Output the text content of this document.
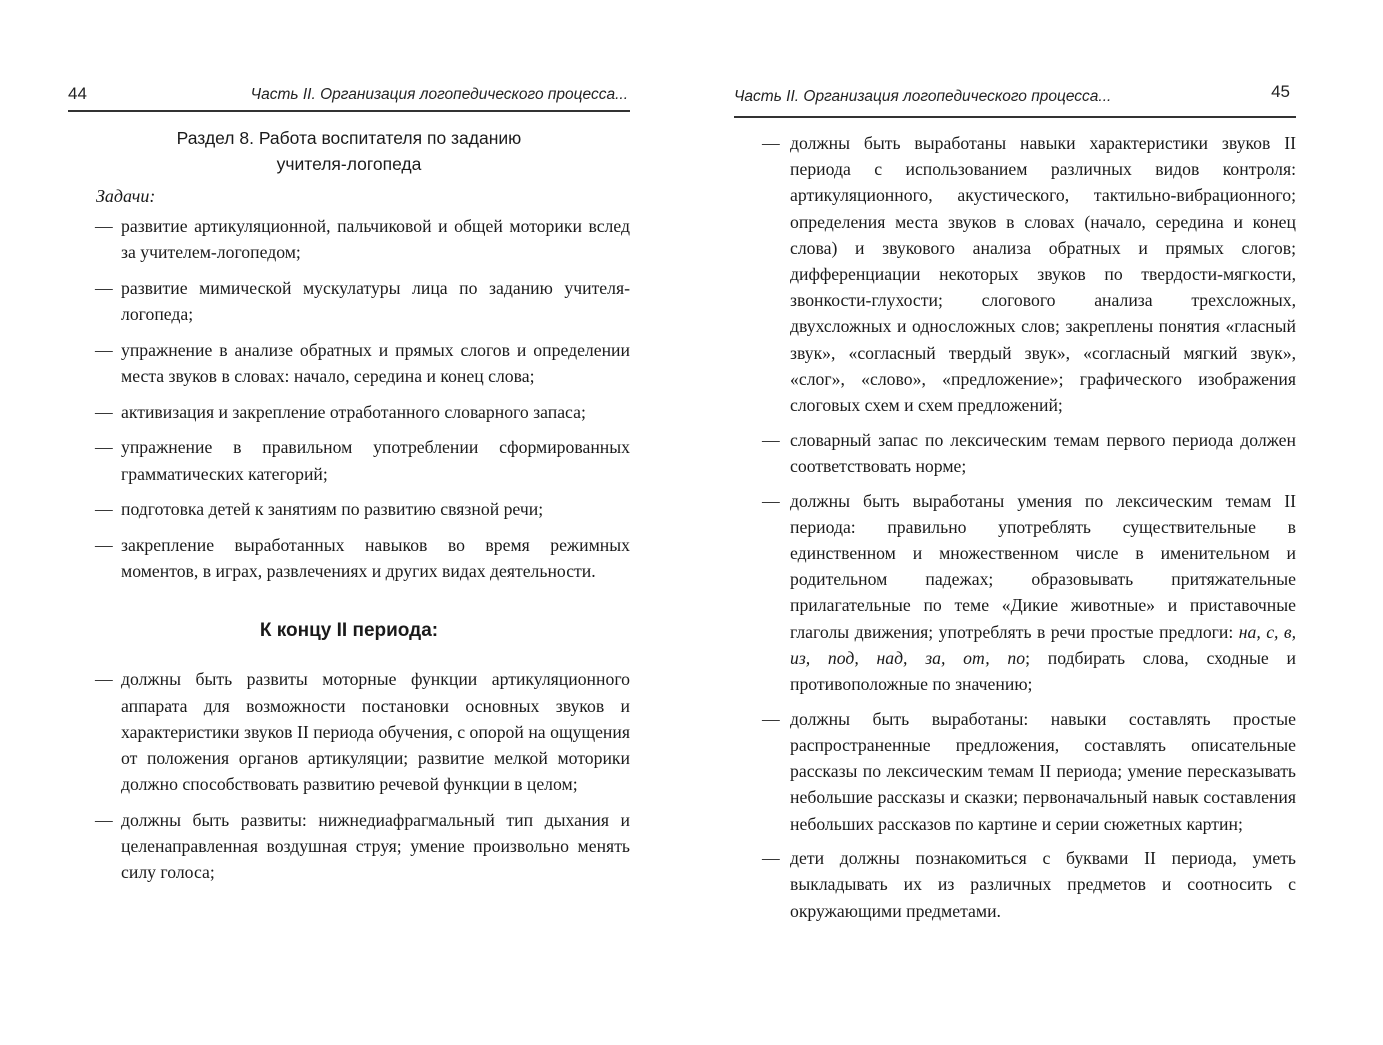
44	Часть II. Организация логопедического процесса...
Раздел 8. Работа воспитателя по заданию
учителя-логопеда
Задачи:
— развитие артикуляционной, пальчиковой и общей моторики вслед за учителем-логопедом;
— развитие мимической мускулатуры лица по заданию учителя-логопеда;
— упражнение в анализе обратных и прямых слогов и определении места звуков в словах: начало, середина и конец слова;
— активизация и закрепление отработанного словарного запаса;
— упражнение в правильном употреблении сформированных грамматических категорий;
— подготовка детей к занятиям по развитию связной речи;
— закрепление выработанных навыков во время режимных моментов, в играх, развлечениях и других видах деятельности.
К концу II периода:
— должны быть развиты моторные функции артикуляционного аппарата для возможности постановки основных звуков и характеристики звуков II периода обучения, с опорой на ощущения от положения органов артикуляции; развитие мелкой моторики должно способствовать развитию речевой функции в целом;
— должны быть развиты: нижнедиафрагмальный тип дыхания и целенаправленная воздушная струя; умение произвольно менять силу голоса;
Часть II. Организация логопедического процесса...	45
— должны быть выработаны навыки характеристики звуков II периода с использованием различных видов контроля: артикуляционного, акустического, тактильно-вибрационного; определения места звуков в словах (начало, середина и конец слова) и звукового анализа обратных и прямых слогов; дифференциации некоторых звуков по твердости-мягкости, звонкости-глухости; слогового анализа трехсложных, двухсложных и односложных слов; закреплены понятия «гласный звук», «согласный твердый звук», «согласный мягкий звук», «слог», «слово», «предложение»; графического изображения слоговых схем и схем предложений;
— словарный запас по лексическим темам первого периода должен соответствовать норме;
— должны быть выработаны умения по лексическим темам II периода: правильно употреблять существительные в единственном и множественном числе в именительном и родительном падежах; образовывать притяжательные прилагательные по теме «Дикие животные» и приставочные глаголы движения; употреблять в речи простые предлоги: на, с, в, из, под, над, за, от, по; подбирать слова, сходные и противоположные по значению;
— должны быть выработаны: навыки составлять простые распространенные предложения, составлять описательные рассказы по лексическим темам II периода; умение пересказывать небольшие рассказы и сказки; первоначальный навык составления небольших рассказов по картине и серии сюжетных картин;
— дети должны познакомиться с буквами II периода, уметь выкладывать их из различных предметов и соотносить с окружающими предметами.
